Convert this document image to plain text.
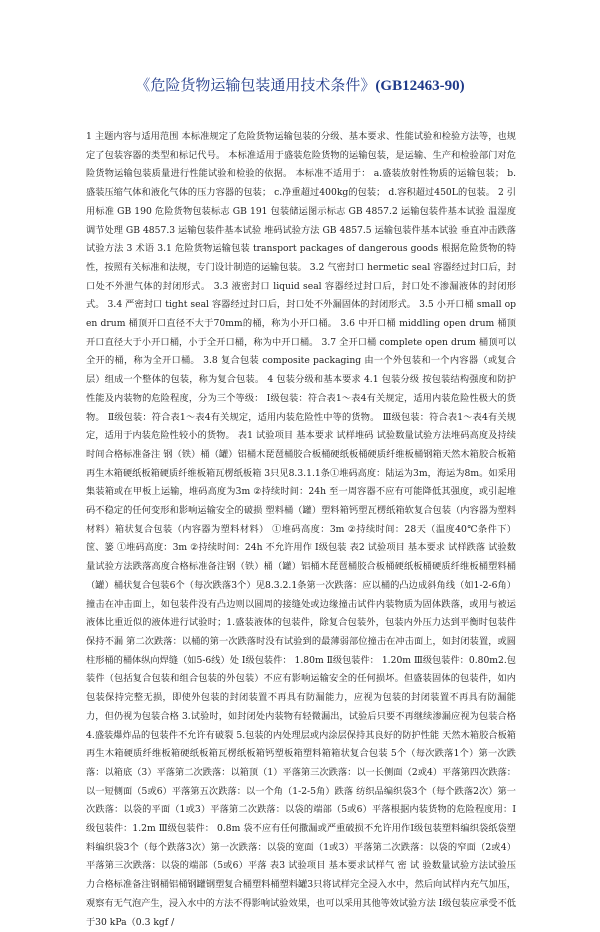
《危险货物运输包装通用技术条件》(GB12463-90)

1 主题内容与适用范围 本标准规定了危险货物运输包装的分级、基本要求、性能试验和检验方法等，也规定了包装容器的类型和标记代号。 本标准适用于盛装危险货物的运输包装，是运输、生产和检验部门对危险货物运输包装质量进行性能试验和检验的依据。 本标准不适用于： a.盛装放射性物质的运输包装； b.盛装压缩气体和液化气体的压力容器的包装； c.净重超过400kg的包装； d.容积超过450L的包装。 2 引用标准 GB 190 危险货物包装标志 GB 191 包装储运图示标志 GB 4857.2 运输包装件基本试验 温湿度调节处理 GB 4857.3 运输包装件基本试验 堆码试验方法 GB 4857.5 运输包装件基本试验 垂直冲击跌落试验方法 3 术语 3.1 危险货物运输包装 transport packages of dangerous goods 根据危险货物的特性，按照有关标准和法规，专门设计制造的运输包装。 3.2 气密封口 hermetic seal 容器经过封口后，封口处不外泄气体的封闭形式。 3.3 液密封口 liquid seal 容器经过封口后，封口处不渗漏液体的封闭形式。 3.4 严密封口 tight seal 容器经过封口后，封口处不外漏固体的封闭形式。 3.5 小开口桶 small open drum 桶顶开口直径不大于70mm的桶，称为小开口桶。 3.6 中开口桶 middling open drum 桶顶开口直径大于小开口桶，小于全开口桶，称为中开口桶。 3.7 全开口桶 complete open drum 桶顶可以全开的桶，称为全开口桶。 3.8 复合包装 composite packaging 由一个外包装和一个内容器（或复合层）组成一个整体的包装，称为复合包装。 4 包装分级和基本要求 4.1 包装分级 按包装结构强度和防护性能及内装物的危险程度，分为三个等级： Ⅰ级包装：符合表1～表4有关规定，适用内装危险性极大的货物。 Ⅱ级包装：符合表1～表4有关规定，适用内装危险性中等的货物。 Ⅲ级包装：符合表1～表4有关规定，适用于内装危险性较小的货物。 表1 试验项目 基本要求 试样堆码 试验数量试验方法堆码高度及持续时间合格标准备注 钢（铁）桶（罐）铝桶木琵琶桶胶合板桶硬纸板桶硬质纤维板桶钢箱天然木箱胶合板箱再生木箱硬纸板箱硬质纤维板箱瓦楞纸板箱 3只见8.3.1.1条①堆码高度：陆运为3m，海运为8m。如采用集装箱或在甲板上运输，堆码高度为3m ②持续时间：24h 至一周容器不应有可能降低其强度，或引起堆码不稳定的任何变形和影响运输安全的破损 塑料桶（罐）塑料箱钙塑瓦楞纸箱软复合包装（内容器为塑料材料）箱状复合包装（内容器为塑料材料） ①堆码高度：3m ②持续时间：28天（温度40℃条件下） 筐、篓 ①堆码高度：3m ②持续时间：24h 不允许用作 Ⅰ级包装 表2 试验项目 基本要求 试样跌落 试验数量试验方法跌落高度合格标准备注钢（铁）桶（罐）铝桶木琵琶桶胶合板桶硬纸板桶硬质纤维板桶塑料桶（罐）桶状复合包装6个（每次跌落3个）见8.3.2.1条第一次跌落：应以桶的凸边成斜角线（如1-2-6角）撞击在冲击面上，如包装件没有凸边则以圆周的接缝处或边缘撞击试件内装物质为固体跌落，或用与被运液体比重近似的液体进行试验时；1.盛装液体的包装件，除复合包装外，包装内外压力达到平衡时包装件保持不漏 第二次跌落：以桶的第一次跌落时没有试验到的最薄弱部位撞击在冲击面上，如封闭装置，或圆柱形桶的桶体纵向焊缝（如5-6线）处 Ⅰ级包装件： 1.80m Ⅱ级包装件： 1.20m Ⅲ级包装件：0.80m2.包装件（包括复合包装和组合包装的外包装）不应有影响运输安全的任何损坏。但盛装固体的包装件，如内包装保持完整无损，即使外包装的封闭装置不再具有防漏能力，应视为包装的封闭装置不再具有防漏能力，但仍视为包装合格 3.试验时，如封闭处内装物有轻微漏出，试验后只要不再继续渗漏应视为包装合格 4.盛装爆炸品的包装件不允许有破裂 5.包装的内处理层或内涂层保持其良好的防护性能 天然木箱胶合板箱再生木箱硬质纤维板箱硬纸板箱瓦楞纸板箱钙塑板箱塑料箱箱状复合包装 5个（每次跌落1个）第一次跌落：以箱底（3）平落第二次跌落：以箱顶（1）平落第三次跌落：以一长侧面（2或4）平落第四次跌落：以一短侧面（5或6）平落第五次跌落：以一个角（1-2-5角）跌落 纺织品编织袋3个（每个跌落2次）第一次跌落：以袋的平面（1或3）平落第二次跌落：以袋的端部（5或6）平落根据内装货物的危险程度用：Ⅰ级包装件：1.2m Ⅲ级包装件： 0.8m 袋不应有任何撒漏或严重破损不允许用作Ⅰ级包装塑料编织袋纸袋塑料编织袋3个（每个跌落3次）第一次跌落：以袋的宽面（1或3）平落第二次跌落：以袋的窄面（2或4）平落第三次跌落：以袋的端部（5或6）平落 表3 试验项目 基本要求试样气 密 试 验数量试验方法试验压力合格标准备注钢桶铝桶钢罐钢塑复合桶塑料桶塑料罐3只将试样完全浸入水中，然后向试样内充气加压，观察有无气泡产生，浸入水中的方法不得影响试验效果，也可以采用其他等效试验方法 Ⅰ级包装应承受不低于30 kPa（0.3 kgf /
